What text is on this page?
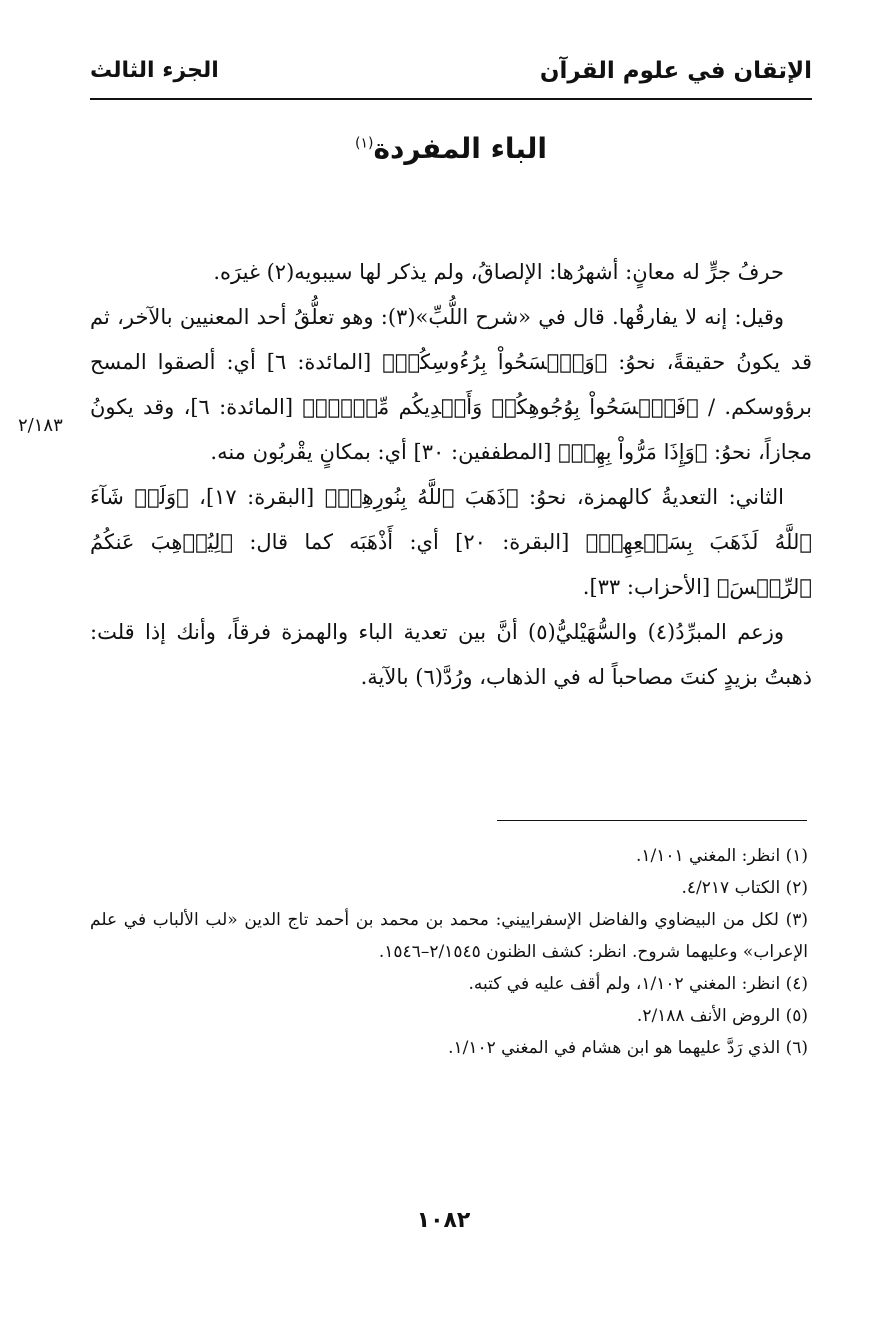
الإتقان في علوم القرآن
الجزء الثالث
الباء المفردة$^{(١)}$
٢/١٨٣

حرفُ جرٍّ له معانٍ: أشهرُها: الإلصاقُ، ولم يذكر لها سيبويه(٢) غيرَه.

وقيل: إنه لا يفارقُها. قال في «شرح اللُّبِّ»(٣): وهو تعلُّقُ أحد المعنيين بالآخر، ثم قد يكونُ حقيقةً، نحوُ: ﴿وَٱمۡسَحُواْ بِرُءُوسِكُمۡ﴾ [المائدة: ٦] أي: ألصقوا المسح برؤوسكم. / ﴿فَٱمۡسَحُواْ بِوُجُوهِكُمۡ وَأَيۡدِيكُم مِّنۡهُۚ﴾ [المائدة: ٦]، وقد يكونُ مجازاً، نحوُ: ﴿وَإِذَا مَرُّواْ بِهِمۡ﴾ [المطففين: ٣٠] أي: بمكانٍ يقْربُون منه.

الثاني: التعديةُ كالهمزة، نحوُ: ﴿ذَهَبَ ٱللَّهُ بِنُورِهِمۡ﴾ [البقرة: ١٧]، ﴿وَلَوۡ شَآءَ ٱللَّهُ لَذَهَبَ بِسَمۡعِهِمۡ﴾ [البقرة: ٢٠] أي: أَذْهَبَه كما قال: ﴿لِيُذۡهِبَ عَنكُمُ ٱلرِّجۡسَ﴾ [الأحزاب: ٣٣].

وزعم المبرِّدُ(٤) والسُّهَيْليُّ(٥) أنَّ بين تعدية الباء والهمزة فرقاً، وأنك إذا قلت: ذهبتُ بزيدٍ كنتَ مصاحباً له في الذهاب، ورُدَّ(٦) بالآية.

(١) انظر: المغني ١/١٠١.

(٢) الكتاب ٤/٢١٧.

(٣) لكل من البيضاوي والفاضل الإسفراييني: محمد بن محمد بن أحمد تاج الدين «لب الألباب في علم الإعراب» وعليهما شروح. انظر: كشف الظنون ٢/١٥٤٥–١٥٤٦.

(٤) انظر: المغني ١/١٠٢، ولم أقف عليه في كتبه.

(٥) الروض الأنف ٢/١٨٨.

(٦) الذي رَدَّ عليهما هو ابن هشام في المغني ١/١٠٢.

١٠٨٢
